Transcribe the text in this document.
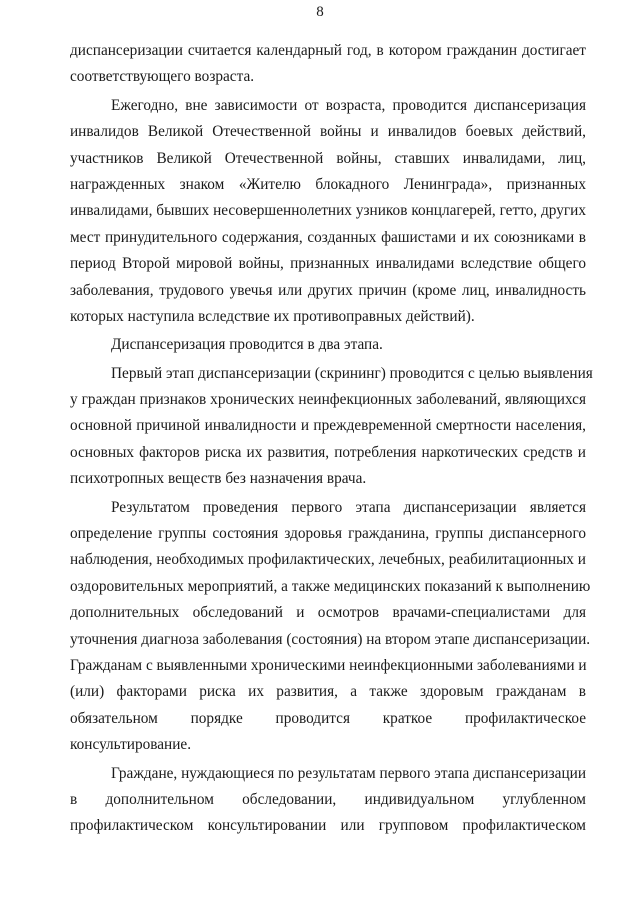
8
диспансеризации считается календарный год, в котором гражданин достигает
соответствующего возраста.
Ежегодно, вне зависимости от возраста, проводится диспансеризация
инвалидов Великой Отечественной войны и инвалидов боевых действий,
участников Великой Отечественной войны, ставших инвалидами, лиц,
награжденных знаком «Жителю блокадного Ленинграда», признанных
инвалидами, бывших несовершеннолетних узников концлагерей, гетто, других
мест принудительного содержания, созданных фашистами и их союзниками в
период Второй мировой войны, признанных инвалидами вследствие общего
заболевания, трудового увечья или других причин (кроме лиц, инвалидность
которых наступила вследствие их противоправных действий).
Диспансеризация проводится в два этапа.
Первый этап диспансеризации (скрининг) проводится с целью выявления
у граждан признаков хронических неинфекционных заболеваний, являющихся
основной причиной инвалидности и преждевременной смертности населения,
основных факторов риска их развития, потребления наркотических средств и
психотропных веществ без назначения врача.
Результатом проведения первого этапа диспансеризации является
определение группы состояния здоровья гражданина, группы диспансерного
наблюдения, необходимых профилактических, лечебных, реабилитационных и
оздоровительных мероприятий, а также медицинских показаний к выполнению
дополнительных обследований и осмотров врачами-специалистами для
уточнения диагноза заболевания (состояния) на втором этапе диспансеризации.
Гражданам с выявленными хроническими неинфекционными заболеваниями и
(или) факторами риска их развития, а также здоровым гражданам в
обязательном порядке проводится краткое профилактическое
консультирование.
Граждане, нуждающиеся по результатам первого этапа диспансеризации
в дополнительном обследовании, индивидуальном углубленном
профилактическом консультировании или групповом профилактическом
